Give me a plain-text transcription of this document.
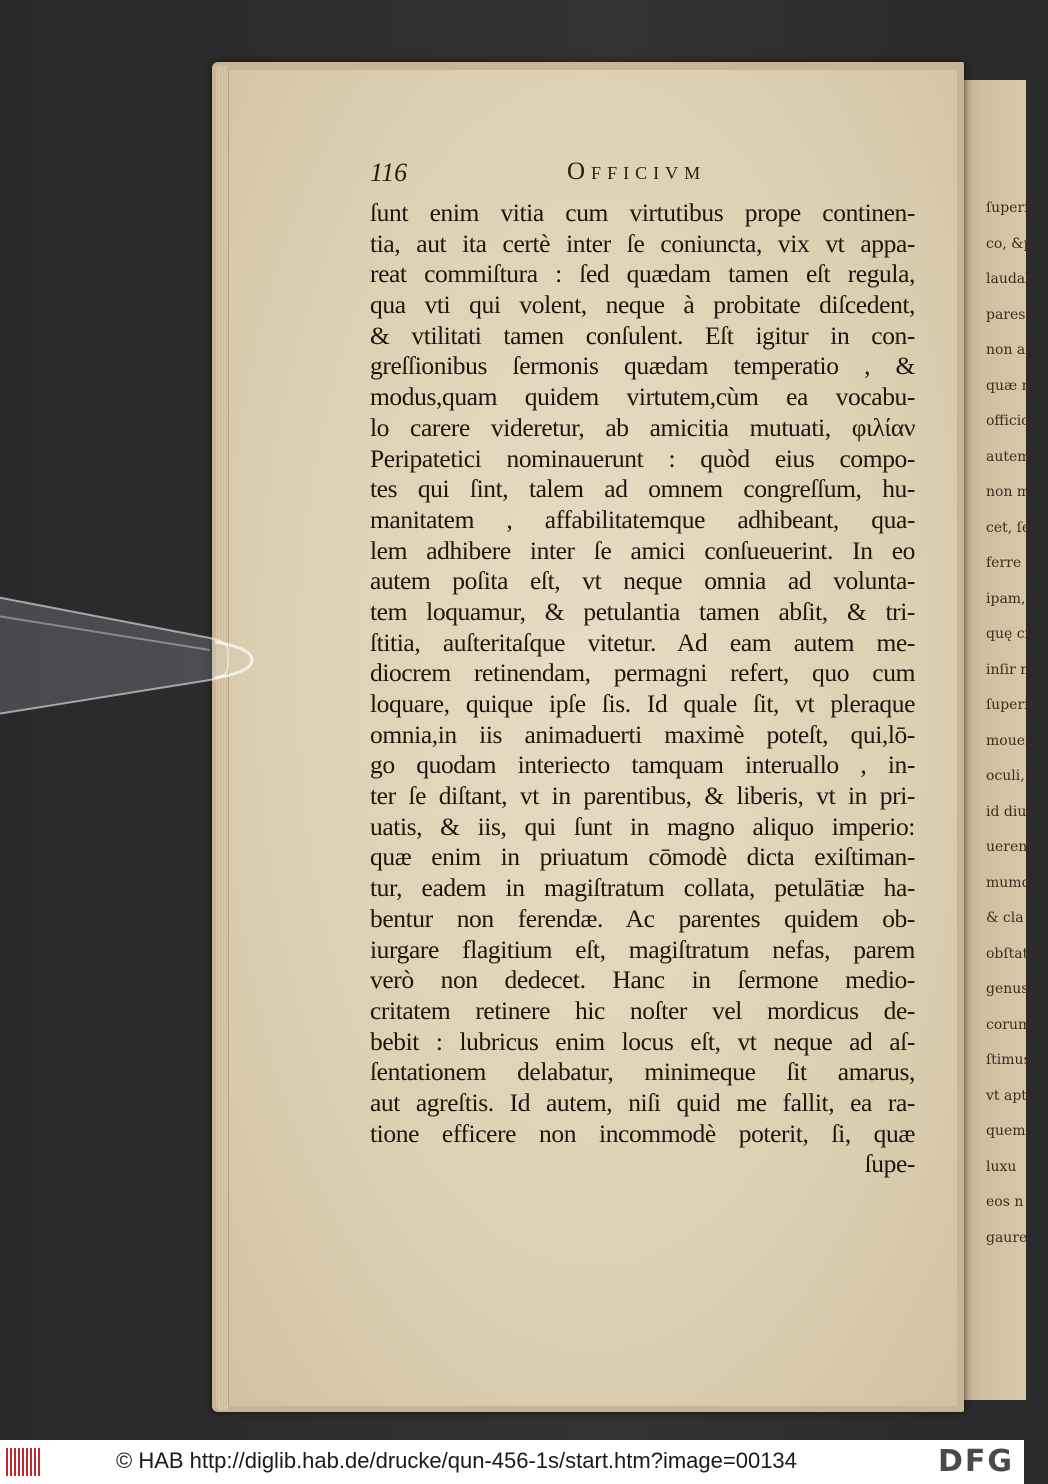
ſuperio
co, &p
laudab
pares e
non ac
quæ n
officio
autem
non m
cet, ſe
ferre v
ipam, in
quę ci
inſir non
ſuperior
moueri,
oculi, v
id diuin
uerentia
mumque
& cla
obſtatio
genus, e
corum
ſtimus e
vt apta
quem
luxu
eos n
gaure
116	Officivm
ſunt enim vitia cum virtutibus prope continen-
tia, aut ita certè inter ſe coniuncta, vix vt appa-
reat commiſtura : ſed quædam tamen eſt regula,
qua vti qui volent, neque à probitate diſcedent,
& vtilitati tamen conſulent. Eſt igitur in con-
greſſionibus ſermonis quædam temperatio , &
modus,quam quidem virtutem,cùm ea vocabu-
lo carere videretur, ab amicitia mutuati, φιλίαν
Peripatetici nominauerunt : quòd eius compo-
tes qui ſint, talem ad omnem congreſſum, hu-
manitatem , affabilitatemque adhibeant, qua-
lem adhibere inter ſe amici conſueuerint. In eo
autem poſita eſt, vt neque omnia ad volunta-
tem loquamur, & petulantia tamen abſit, & tri-
ſtitia, auſteritaſque vitetur. Ad eam autem me-
diocrem retinendam, permagni refert, quo cum
loquare, quique ipſe ſis. Id quale ſit, vt pleraque
omnia,in iis animaduerti maximè poteſt, qui,lō-
go quodam interiecto tamquam interuallo , in-
ter ſe diſtant, vt in parentibus, & liberis, vt in pri-
uatis, & iis, qui ſunt in magno aliquo imperio:
quæ enim in priuatum cōmodè dicta exiſtiman-
tur, eadem in magiſtratum collata, petulātiæ ha-
bentur non ferendæ. Ac parentes quidem ob-
iurgare flagitium eſt, magiſtratum nefas, parem
verò non dedecet. Hanc in ſermone medio-
critatem retinere hic noſter vel mordicus de-
bebit : lubricus enim locus eſt, vt neque ad aſ-
ſentationem delabatur, minimeque ſit amarus,
aut agreſtis. Id autem, niſi quid me fallit, ea ra-
tione efficere non incommodè poterit, ſi, quæ
ſupe-
© HAB http://diglib.hab.de/drucke/qun-456-1s/start.htm?image=00134	DFG
